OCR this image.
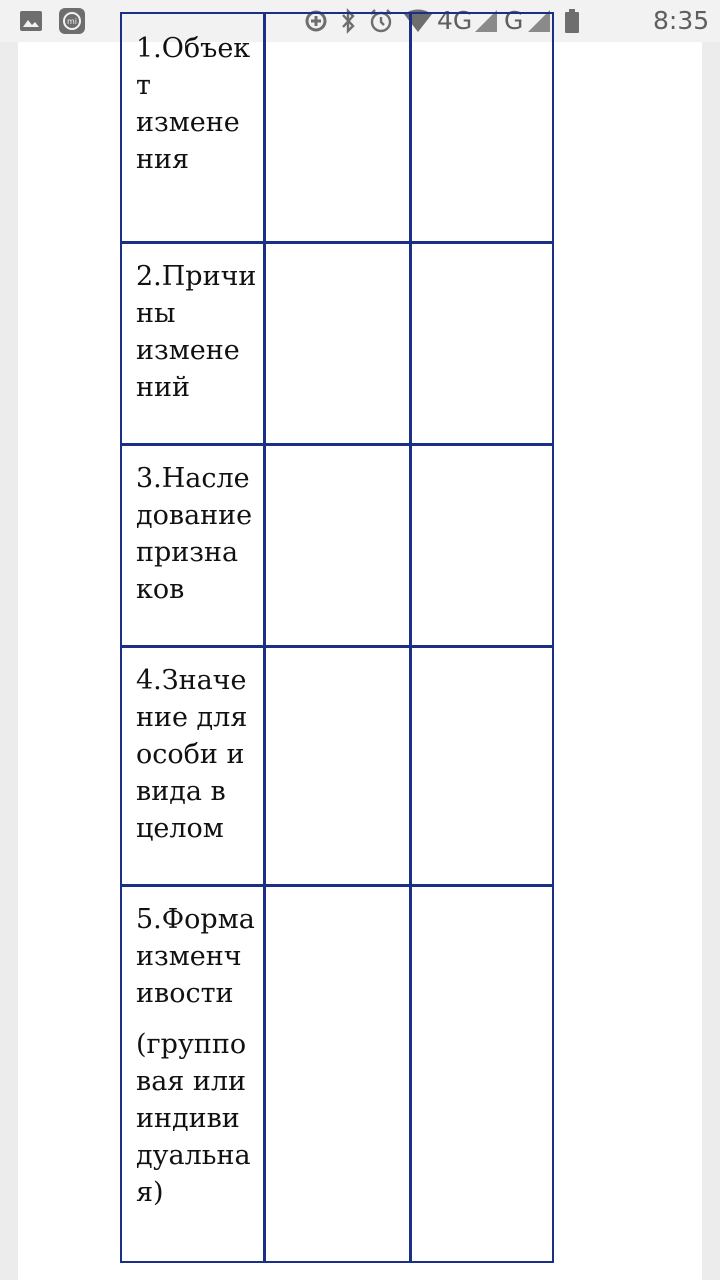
mi	4G G	8:35

1.Объек
т
измене
ния

2.Причи
ны
измене
ний

3.Насле
дование
призна
ков

4.Значе
ние для
особи и
вида в
целом

5.Форма
изменч
ивости

(группо
вая или
индиви
дуальна
я)
